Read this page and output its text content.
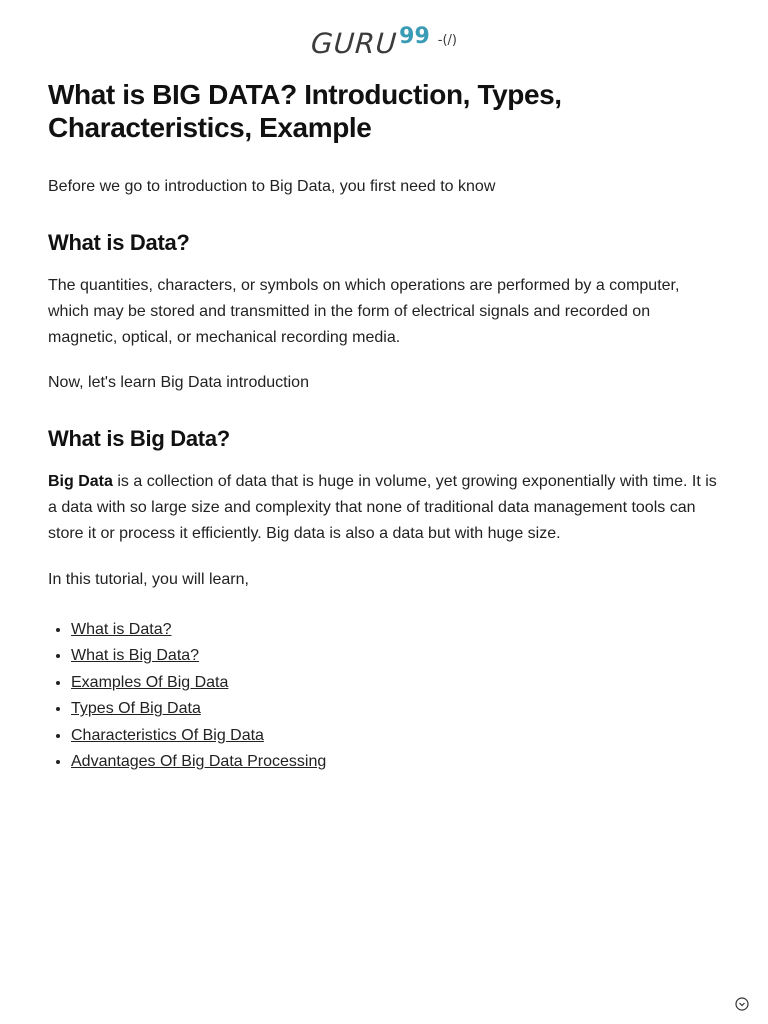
GURU 99 -(/)
What is BIG DATA? Introduction, Types, Characteristics, Example

Before we go to introduction to Big Data, you first need to know

What is Data?

The quantities, characters, or symbols on which operations are performed by a computer, which may be stored and transmitted in the form of electrical signals and recorded on magnetic, optical, or mechanical recording media.

Now, let's learn Big Data introduction

What is Big Data?

Big Data is a collection of data that is huge in volume, yet growing exponentially with time. It is a data with so large size and complexity that none of traditional data management tools can store it or process it efficiently. Big data is also a data but with huge size.

In this tutorial, you will learn,

• What is Data?
• What is Big Data?
• Examples Of Big Data
• Types Of Big Data
• Characteristics Of Big Data
• Advantages Of Big Data Processing
